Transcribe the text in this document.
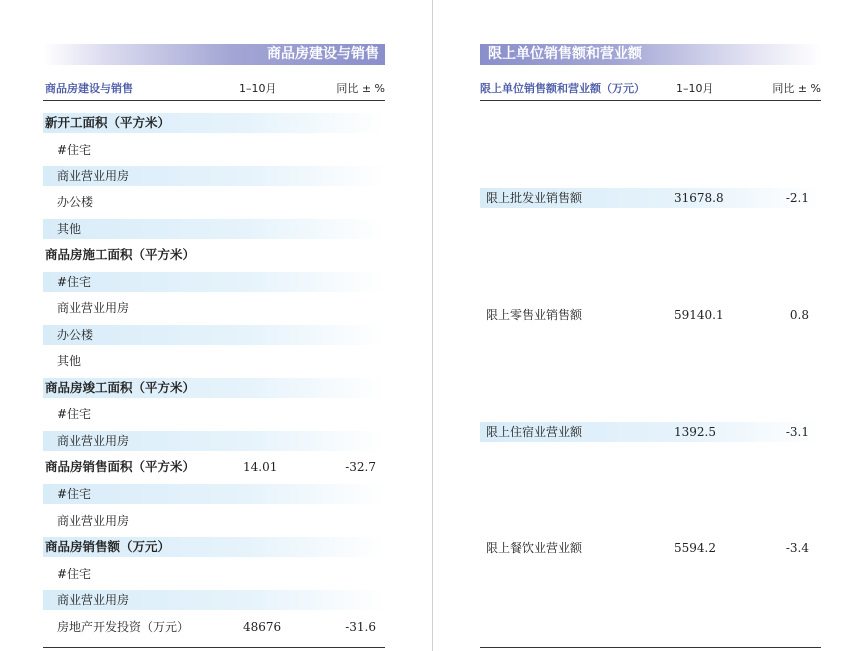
商品房建设与销售
商品房建设与销售	1–10月	同比 ± %
新开工面积（平方米）
#住宅
商业营业用房
办公楼
其他
商品房施工面积（平方米）
#住宅
商业营业用房
办公楼
其他
商品房竣工面积（平方米）
#住宅
商业营业用房
商品房销售面积（平方米）	14.01	-32.7
#住宅
商业营业用房
商品房销售额（万元）
#住宅
商业营业用房
房地产开发投资（万元）	48676	-31.6
限上单位销售额和营业额
限上单位销售额和营业额（万元）	1–10月	同比 ± %
限上批发业销售额	31678.8	-2.1
限上零售业销售额	59140.1	0.8
限上住宿业营业额	1392.5	-3.1
限上餐饮业营业额	5594.2	-3.4
